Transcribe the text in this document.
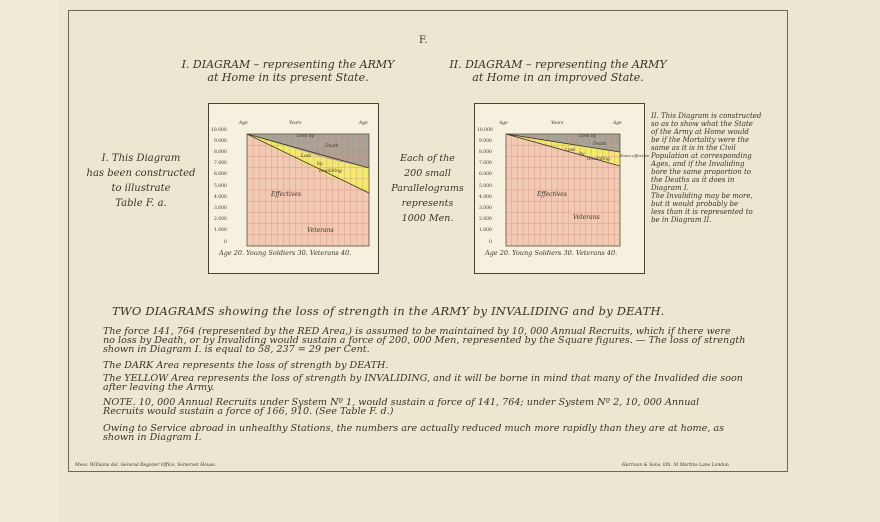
F.
I. DIAGRAM – representing the ARMY
at Home in its present State.
II. DIAGRAM – representing the ARMY
at Home in an improved State.
I. This Diagram
has been constructed
to illustrate
Table F. a.
Each of the
200 small
Parallelograms
represents
1000 Men.
II. This Diagram is constructed
so as to show what the State
of the Army at Home would
be if the Mortality were the
same as it is in the Civil
Population at corresponding
Ages, and if the Invaliding
bore the same proportion to
the Deaths as it does in
Diagram I.
The Invaliding may be more,
but it would probably be
less than it is represented to
be in Diagram II.
Age	Years	Age
10.000
9.000
8.000
7.000
6.000
5.000
4.000
3.000
2.000
1.000
0
Loss by
Death
Loss
by
Invaliding
Effectives
Veterans
Age 20. Young Soldiers 30. Veterans 40.
Age	Years	Age
10.000
9.000
8.000
7.000
6.000
5.000
4.000
3.000
2.000
1.000
0
Loss by
Death
Loss
by
Invaliding
None-effective
Effectives
Veterans
Age 20. Young Soldiers 30. Veterans 40.
TWO DIAGRAMS showing the loss of strength in the ARMY by INVALIDING and by DEATH.
The force 141, 764 (represented by the RED Area,) is assumed to be maintained by 10, 000 Annual Recruits, which if there were
no loss by Death, or by Invaliding would sustain a force of 200, 000 Men, represented by the Square figures. — The loss of strength
shown in Diagram I. is equal to 58, 237 = 29 per Cent.
The DARK Area represents the loss of strength by DEATH.
The YELLOW Area represents the loss of strength by INVALIDING, and it will be borne in mind that many of the Invalided die soon
after leaving the Army.
NOTE. 10, 000 Annual Recruits under System Nº 1, would sustain a force of 141, 764; under System Nº 2, 10, 000 Annual
Recruits would sustain a force of 166, 910. (See Table F. d.)
Owing to Service abroad in unhealthy Stations, the numbers are actually reduced much more rapidly than they are at home, as
shown in Diagram I.
Mess. Williams del. General Register Office, Somerset House.	Harrison & Sons, lith. St Martins Lane London
